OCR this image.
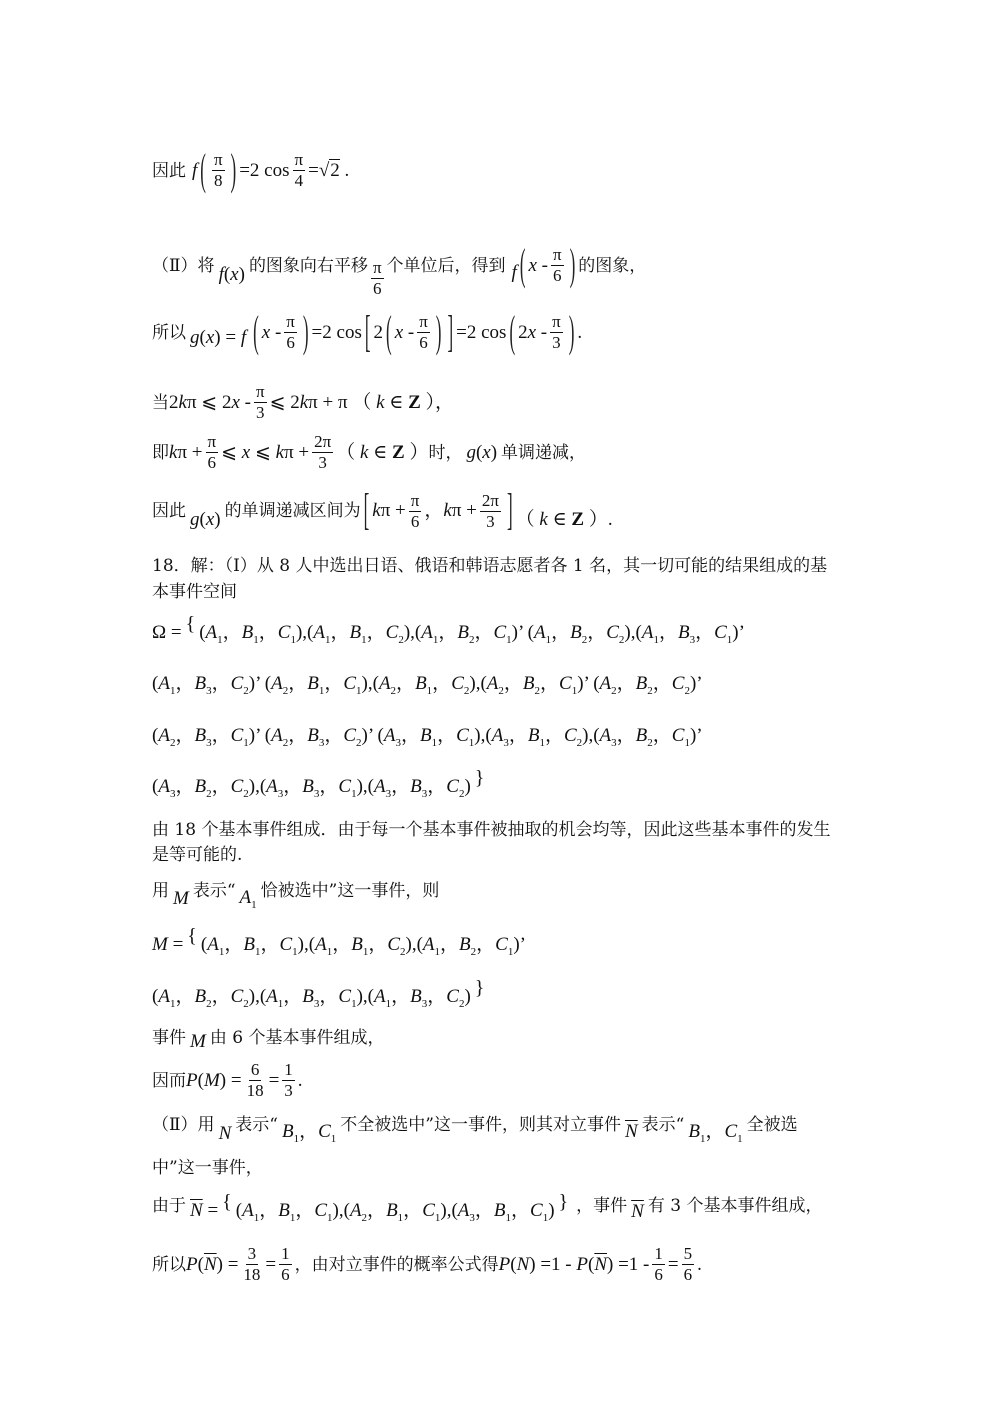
因此 f ( $\frac{\pi}{8}$ ) =2 $\cos \frac{\pi}{4} =√2$ .
（Ⅱ）将 f(x) 的图象向右平移 $\frac{\pi}{6}$ 个单位后，得到 f ( x - $\frac{\pi}{6}$ ) 的图象，
所以 g(x) = f ( x - $\frac{\pi}{6}$ ) =2 cos [ 2 ( x - $\frac{\pi}{6}$ ) ] =2 cos ( $2x - \frac{\pi}{3}$ ) .
当 2kπ ⩽ $2x - \frac{\pi}{3}$ ⩽ 2kπ + π （ k ∈ Z ），
即 $k\pi + \frac{\pi}{6}$ ⩽ x ⩽ $k\pi + \frac{2\pi}{3}$ （ k ∈ Z ） 时， g(x) 单调递减，
因此 g(x) 的单调递减区间为 [ $k\pi + \frac{\pi}{6}$ ，$k\pi + \frac{2\pi}{3}$ ] （ k ∈ Z ）.
18．解：（Ⅰ）从 8 人中选出日语、俄语和韩语志愿者各 1 名，其一切可能的结果组成的基
本事件空间
Ω = { ($A_1$，$B_1$，$C_1),(A_1$，$B_1$，$C_2),(A_1$，$B_2$，$C_1$)’ ($A_1$，$B_2$，$C_2),(A_1$，$B_3$，$C_1$)’
($A_1$，$B_3$，$C_2$)’ ($A_2$，$B_1$，$C_1),(A_2$，$B_1$，$C_2),(A_2$，$B_2$，$C_1$)’ ($A_2$，$B_2$，$C_2$)’
($A_2$，$B_3$，$C_1$)’ ($A_2$，$B_3$，$C_2$)’ ($A_3$，$B_1$，$C_1),(A_3$，$B_1$，$C_2),(A_3$，$B_2$，$C_1$)’
($A_3$，$B_2$，$C_2),(A_3$，$B_3$，$C_1),(A_3$，$B_3$，$C_2$) }
由 18 个基本事件组成．由于每一个基本事件被抽取的机会均等，因此这些基本事件的发生
是等可能的.
用 M 表示“ $A_1$
恰被选中”这一事件，则
M = { ($A_1$，$B_1$，$C_1),(A_1$，$B_1$，$C_2),(A_1$，$B_2$，$C_1$)’
($A_1$，$B_2$，$C_2),(A_1$，$B_3$，$C_1),(A_1$，$B_3$，$C_2$) }
事件 M 由 6 个基本事件组成，
因而 $P(M) = \frac{6}{18} = \frac{1}{3}$ .
（Ⅱ）用 N 表示“ $B_1$，$C_1$
不全被选中”这一事件，则其对立事件 $\overline{N}$ 表示“ $B_1$，$C_1$
全被选
中”这一事件，
由于 $\overline{N}$ = { ($A_1$，$B_1$，$C_1),(A_2$，$B_1$，$C_1),(A_3$，$B_1$，$C_1$) } ，事件 $\overline{N}$ 有 3 个基本事件组成，
所以 $P(\overline{N}) = \frac{3}{18} = \frac{1}{6}$ ，由对立事件的概率公式得 $P(N) =1 - P(\overline{N}) =1 - \frac{1}{6} = \frac{5}{6}$ .
